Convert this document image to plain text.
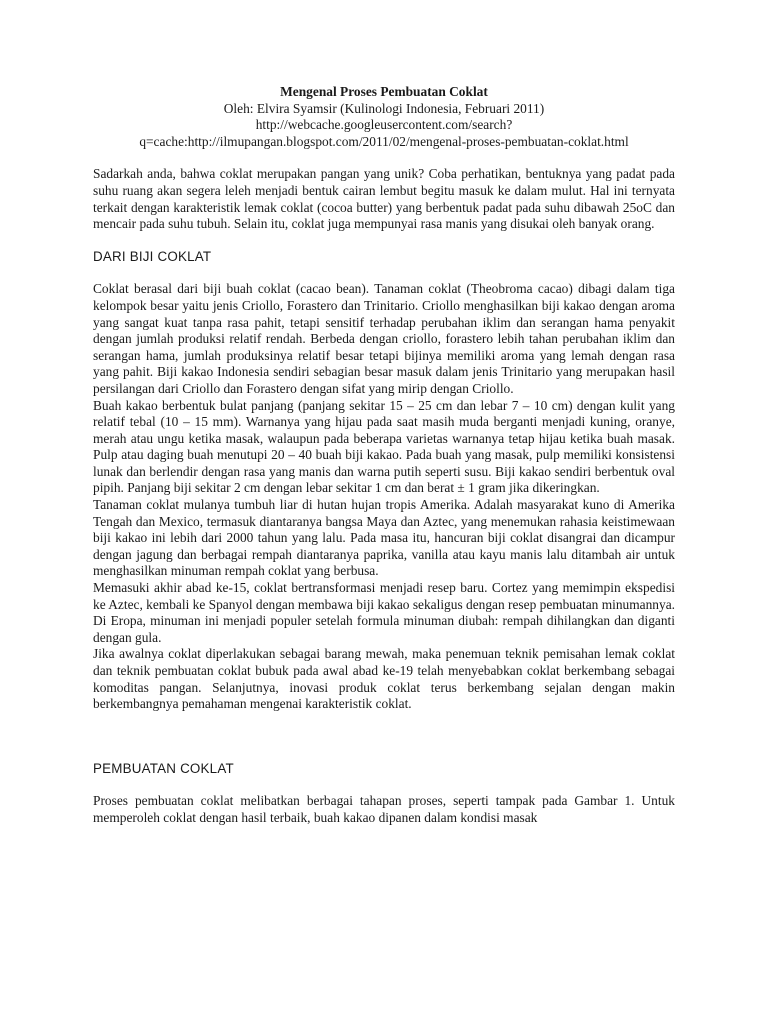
Mengenal Proses Pembuatan Coklat
Oleh: Elvira Syamsir (Kulinologi Indonesia, Februari 2011)
http://webcache.googleusercontent.com/search?
q=cache:http://ilmupangan.blogspot.com/2011/02/mengenal-proses-pembuatan-coklat.html

Sadarkah anda, bahwa coklat merupakan pangan yang unik? Coba perhatikan, bentuknya yang padat pada suhu ruang akan segera leleh menjadi bentuk cairan lembut begitu masuk ke dalam mulut. Hal ini ternyata terkait dengan karakteristik lemak coklat (cocoa butter) yang berbentuk padat pada suhu dibawah 25oC dan mencair pada suhu tubuh. Selain itu, coklat juga mempunyai rasa manis yang disukai oleh banyak orang.

DARI BIJI COKLAT

Coklat berasal dari biji buah coklat (cacao bean). Tanaman coklat (Theobroma cacao) dibagi dalam tiga kelompok besar yaitu jenis Criollo, Forastero dan Trinitario. Criollo menghasilkan biji kakao dengan aroma yang sangat kuat tanpa rasa pahit, tetapi sensitif terhadap perubahan iklim dan serangan hama penyakit dengan jumlah produksi relatif rendah. Berbeda dengan criollo, forastero lebih tahan perubahan iklim dan serangan hama, jumlah produksinya relatif besar tetapi bijinya memiliki aroma yang lemah dengan rasa yang pahit. Biji kakao Indonesia sendiri sebagian besar masuk dalam jenis Trinitario yang merupakan hasil persilangan dari Criollo dan Forastero dengan sifat yang mirip dengan Criollo.

Buah kakao berbentuk bulat panjang (panjang sekitar 15 – 25 cm dan lebar 7 – 10 cm) dengan kulit yang relatif tebal (10 – 15 mm). Warnanya yang hijau pada saat masih muda berganti menjadi kuning, oranye, merah atau ungu ketika masak, walaupun pada beberapa varietas warnanya tetap hijau ketika buah masak. Pulp atau daging buah menutupi 20 – 40 buah biji kakao. Pada buah yang masak, pulp memiliki konsistensi lunak dan berlendir dengan rasa yang manis dan warna putih seperti susu. Biji kakao sendiri berbentuk oval pipih. Panjang biji sekitar 2 cm dengan lebar sekitar 1 cm dan berat ± 1 gram jika dikeringkan.

Tanaman coklat mulanya tumbuh liar di hutan hujan tropis Amerika. Adalah masyarakat kuno di Amerika Tengah dan Mexico, termasuk diantaranya bangsa Maya dan Aztec, yang menemukan rahasia keistimewaan biji kakao ini lebih dari 2000 tahun yang lalu. Pada masa itu, hancuran biji coklat disangrai dan dicampur dengan jagung dan berbagai rempah diantaranya paprika, vanilla atau kayu manis lalu ditambah air untuk menghasilkan minuman rempah coklat yang berbusa.

Memasuki akhir abad ke-15, coklat bertransformasi menjadi resep baru. Cortez yang memimpin ekspedisi ke Aztec, kembali ke Spanyol dengan membawa biji kakao sekaligus dengan resep pembuatan minumannya. Di Eropa, minuman ini menjadi populer setelah formula minuman diubah: rempah dihilangkan dan diganti dengan gula.

Jika awalnya coklat diperlakukan sebagai barang mewah, maka penemuan teknik pemisahan lemak coklat dan teknik pembuatan coklat bubuk pada awal abad ke-19 telah menyebabkan coklat berkembang sebagai komoditas pangan. Selanjutnya, inovasi produk coklat terus berkembang sejalan dengan makin berkembangnya pemahaman mengenai karakteristik coklat.

PEMBUATAN COKLAT

Proses pembuatan coklat melibatkan berbagai tahapan proses, seperti tampak pada Gambar 1. Untuk memperoleh coklat dengan hasil terbaik, buah kakao dipanen dalam kondisi masak
